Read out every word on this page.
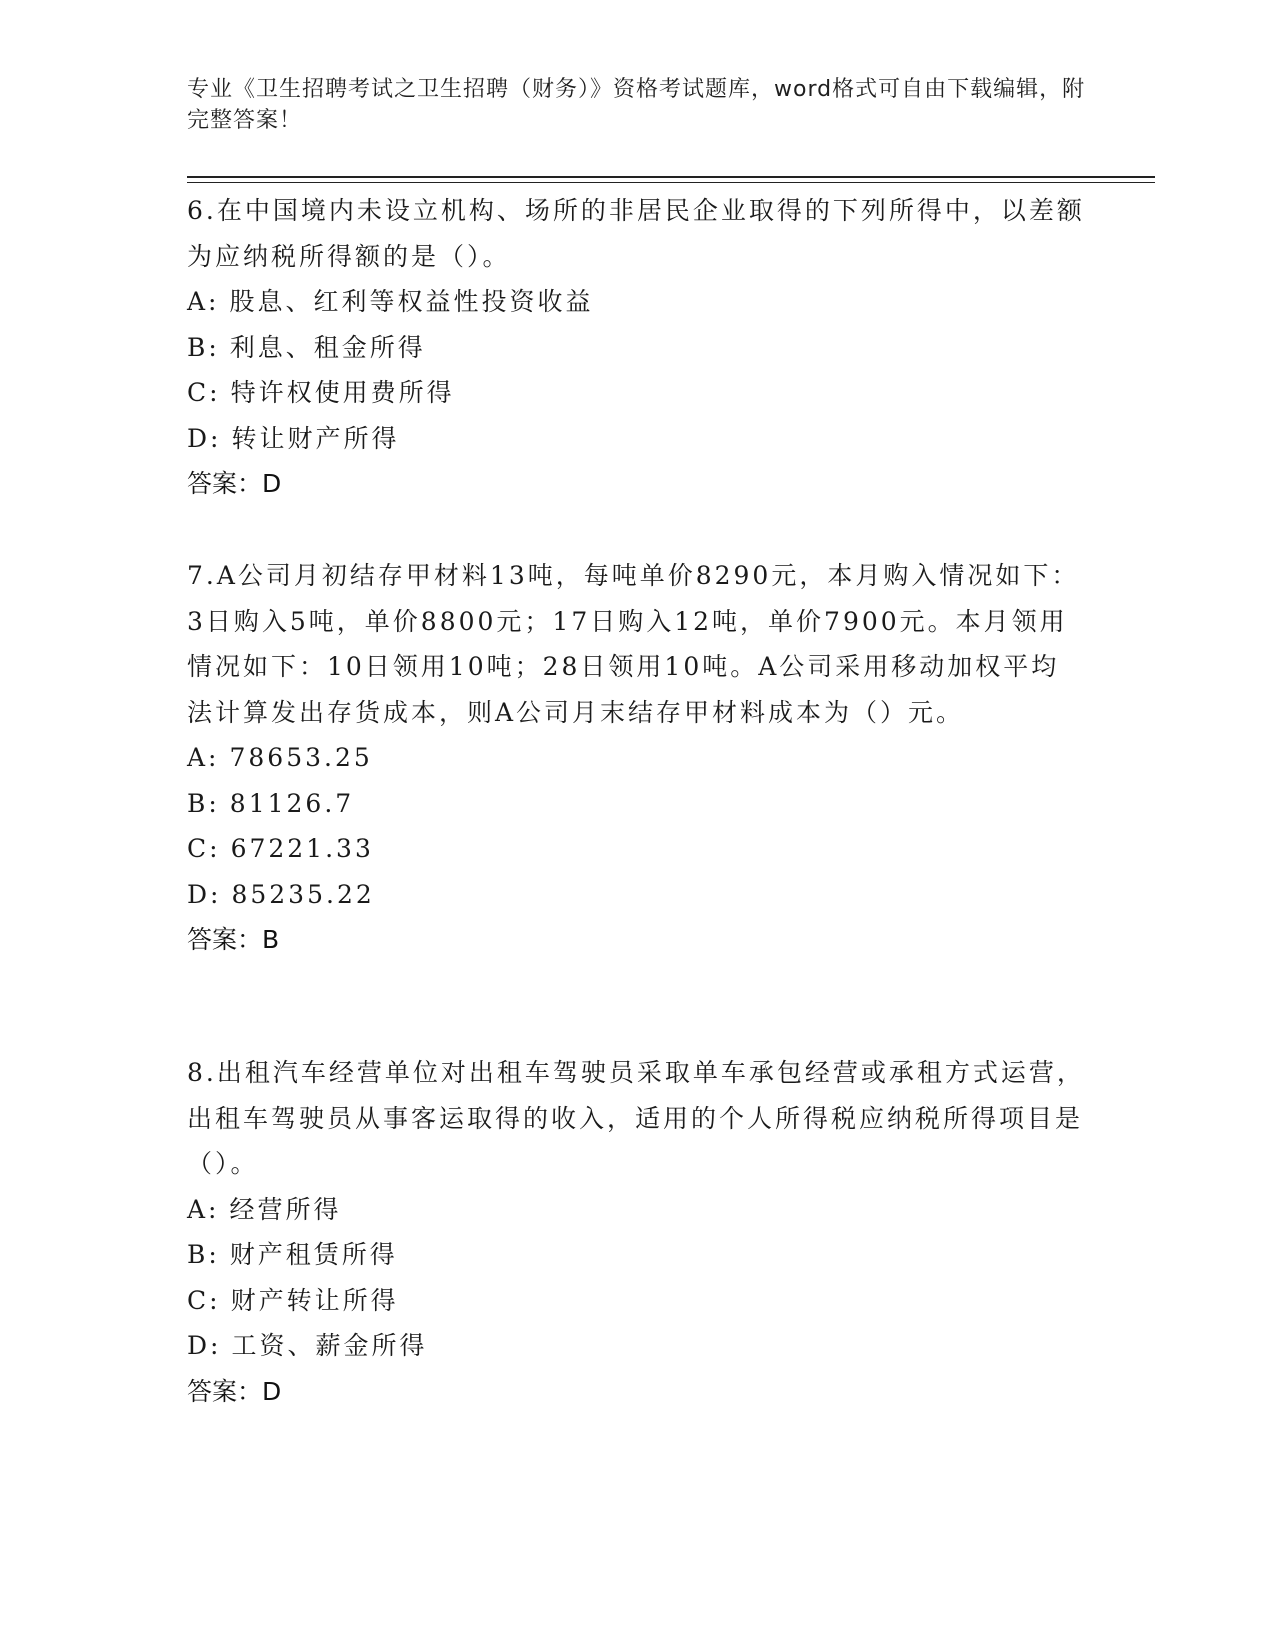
专业《卫生招聘考试之卫生招聘（财务）》资格考试题库，word格式可自由下载编辑，附完整答案！

6.在中国境内未设立机构、场所的非居民企业取得的下列所得中，以差额为应纳税所得额的是（）。

A: 股息、红利等权益性投资收益

B: 利息、租金所得

C: 特许权使用费所得

D: 转让财产所得

答案：D

7.A公司月初结存甲材料13吨，每吨单价8290元，本月购入情况如下：3日购入5吨，单价8800元；17日购入12吨，单价7900元。本月领用情况如下：10日领用10吨；28日领用10吨。A公司采用移动加权平均法计算发出存货成本，则A公司月末结存甲材料成本为（）元。

A: 78653.25

B: 81126.7

C: 67221.33

D: 85235.22

答案：B

8.出租汽车经营单位对出租车驾驶员采取单车承包经营或承租方式运营，出租车驾驶员从事客运取得的收入，适用的个人所得税应纳税所得项目是（）。

A: 经营所得

B: 财产租赁所得

C: 财产转让所得

D: 工资、薪金所得

答案：D
